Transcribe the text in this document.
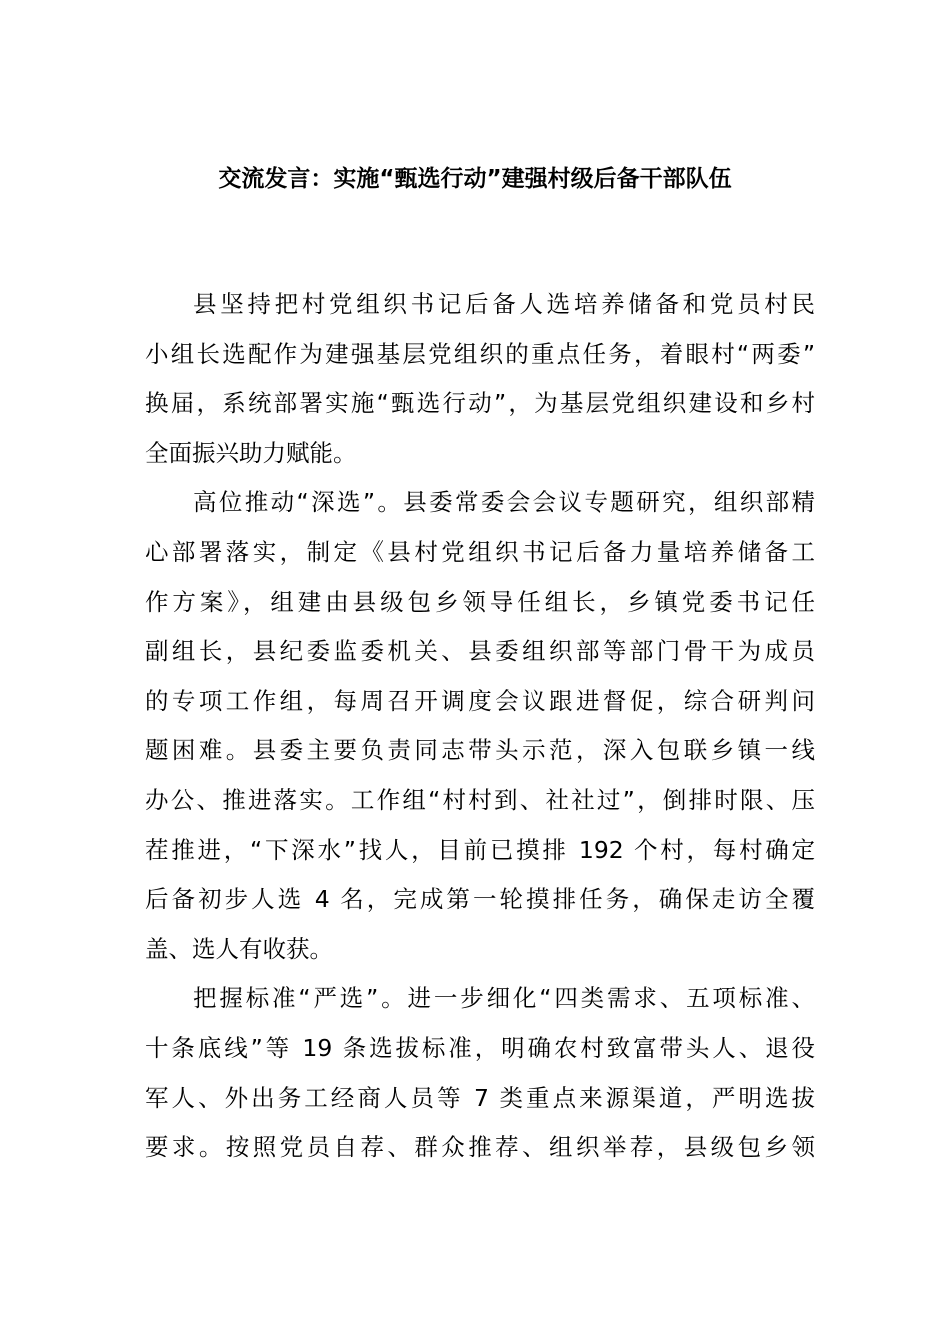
交流发言：实施“甄选行动”建强村级后备干部队伍
县坚持把村党组织书记后备人选培养储备和党员村民
小组长选配作为建强基层党组织的重点任务，着眼村“两委”
换届，系统部署实施“甄选行动”，为基层党组织建设和乡村
全面振兴助力赋能。
高位推动“深选”。县委常委会会议专题研究，组织部精
心部署落实，制定《县村党组织书记后备力量培养储备工
作方案》，组建由县级包乡领导任组长，乡镇党委书记任
副组长，县纪委监委机关、县委组织部等部门骨干为成员
的专项工作组，每周召开调度会议跟进督促，综合研判问
题困难。县委主要负责同志带头示范，深入包联乡镇一线
办公、推进落实。工作组“村村到、社社过”，倒排时限、压
茬推进，“下深水”找人，目前已摸排 192 个村，每村确定
后备初步人选 4 名，完成第一轮摸排任务，确保走访全覆
盖、选人有收获。
把握标准“严选”。进一步细化“四类需求、五项标准、
十条底线”等 19 条选拔标准，明确农村致富带头人、退役
军人、外出务工经商人员等 7 类重点来源渠道，严明选拔
要求。按照党员自荐、群众推荐、组织举荐，县级包乡领
